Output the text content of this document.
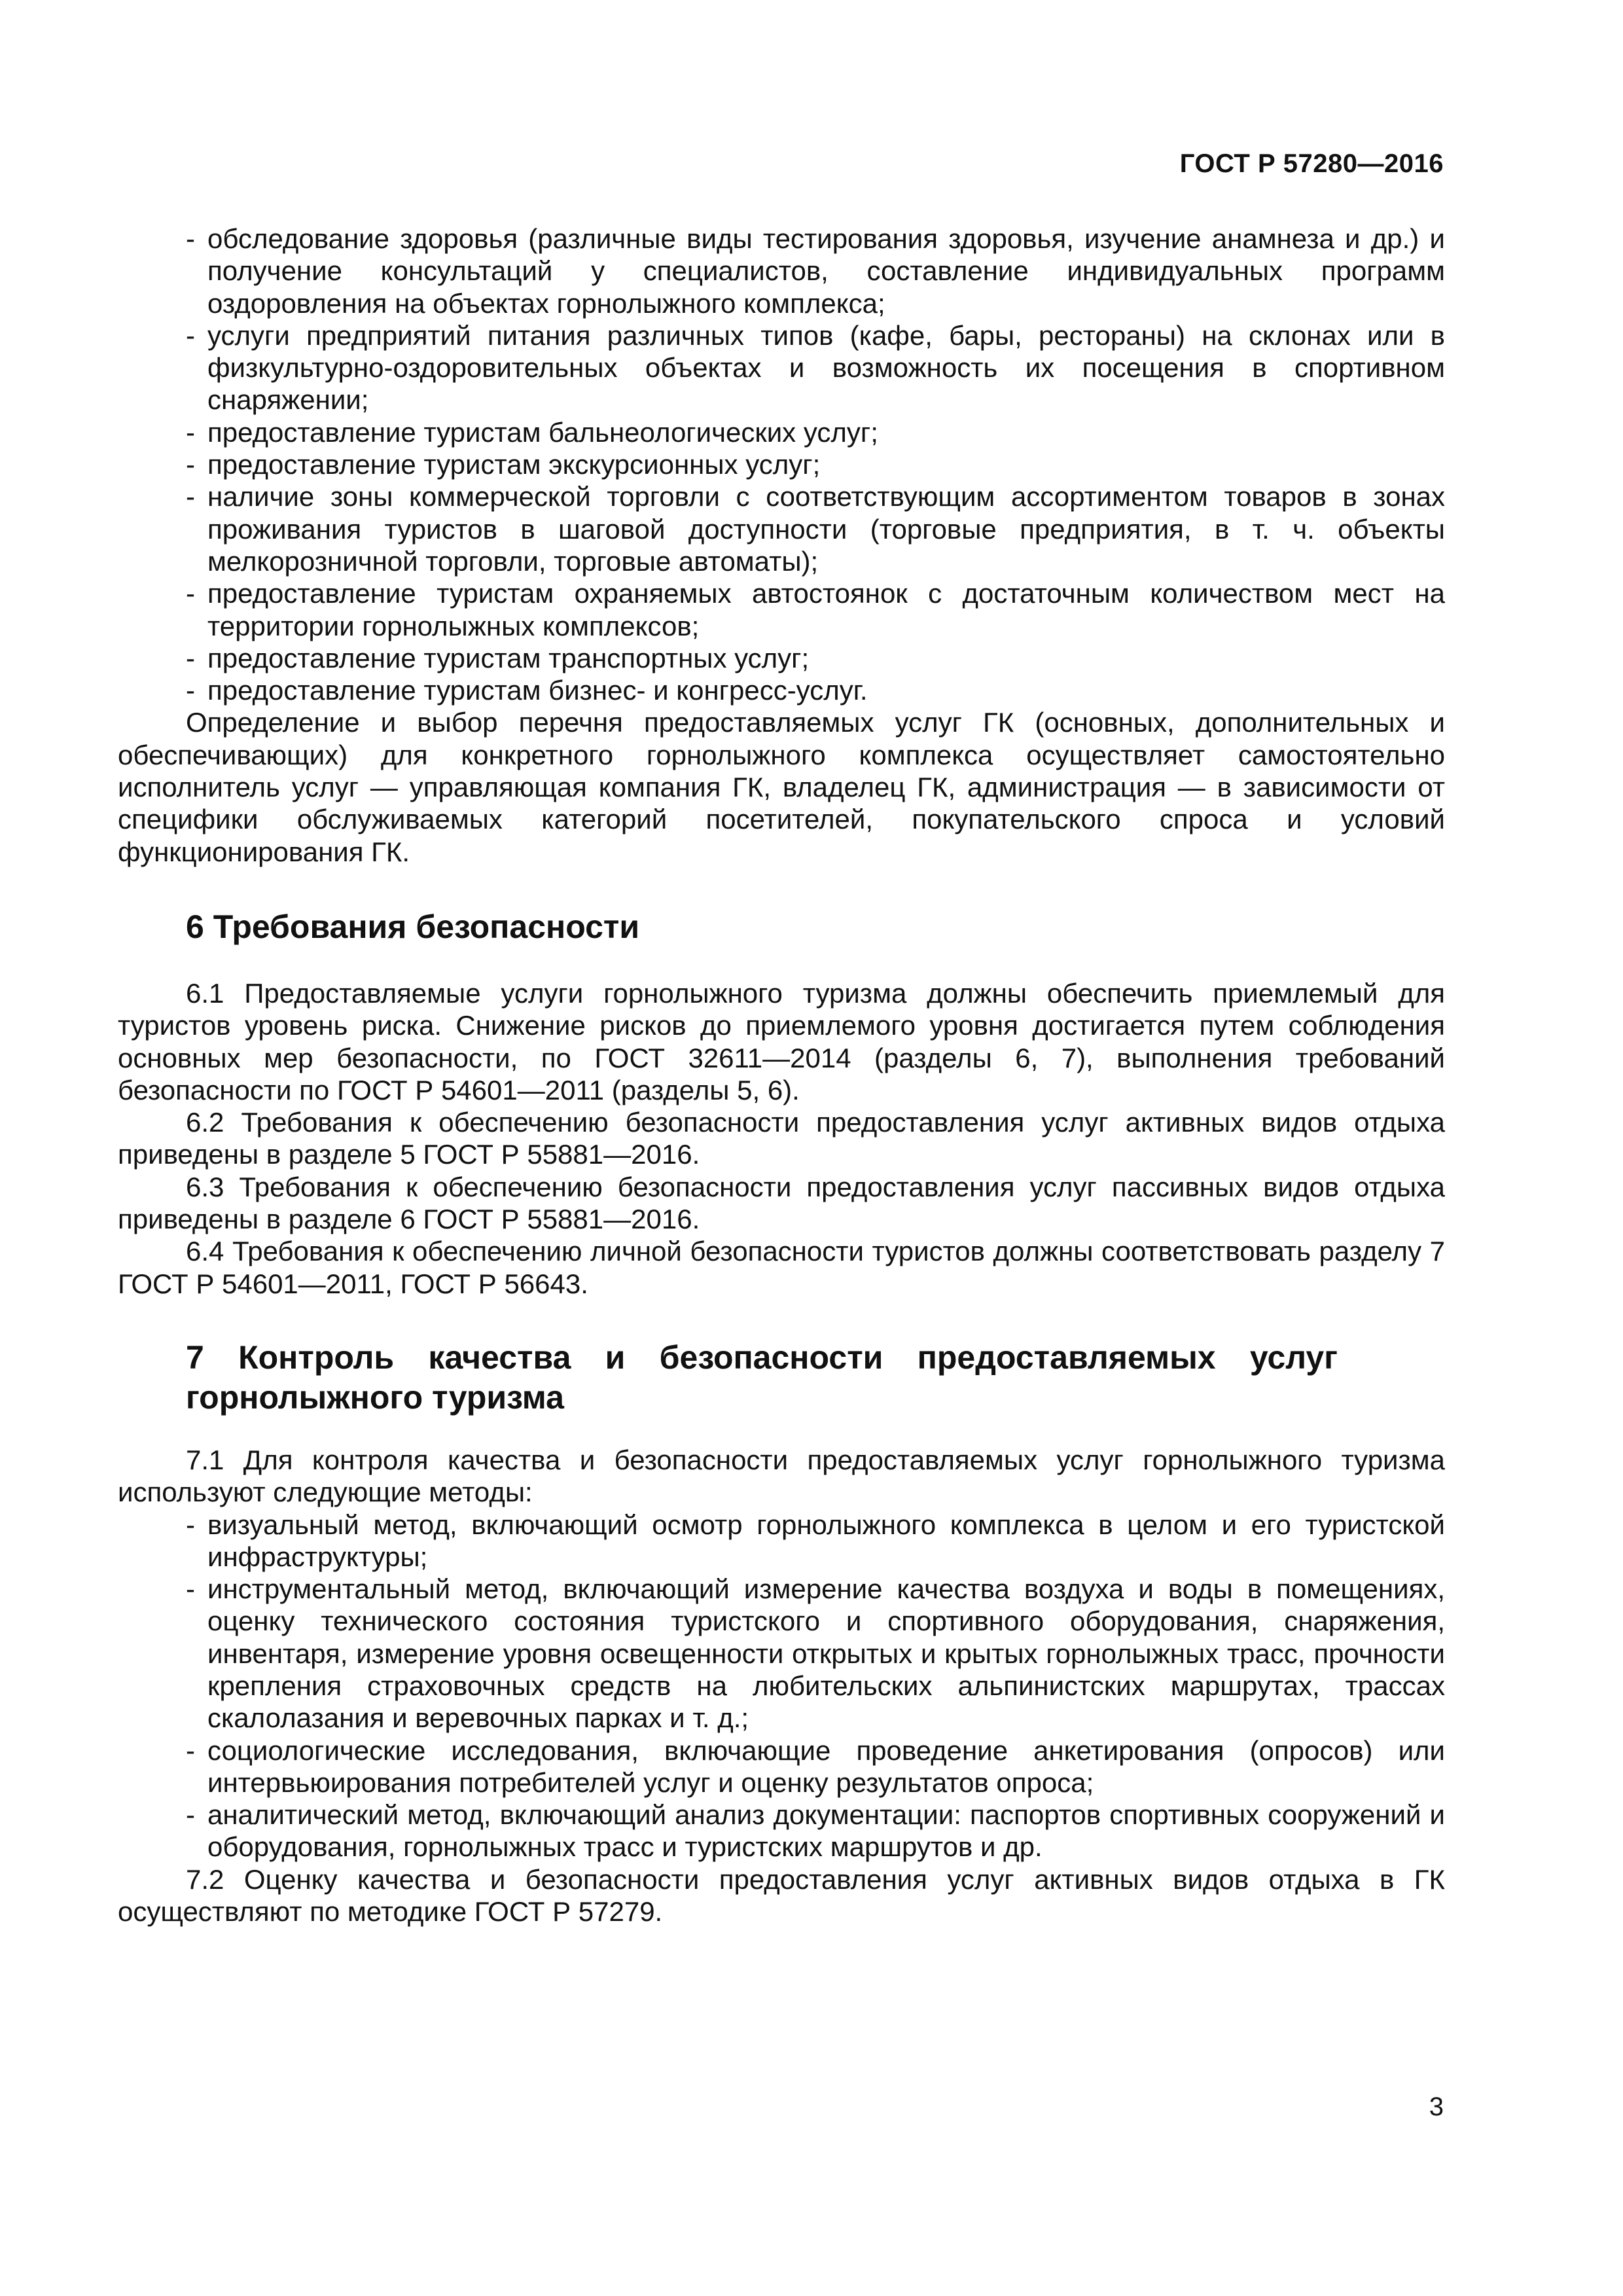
ГОСТ Р 57280—2016
- обследование здоровья (различные виды тестирования здоровья, изучение анамнеза и др.) и получение консультаций у специалистов, составление индивидуальных программ оздоровления на объектах горнолыжного комплекса;
- услуги предприятий питания различных типов (кафе, бары, рестораны) на склонах или в физкультурно-оздоровительных объектах и возможность их посещения в спортивном снаряжении;
- предоставление туристам бальнеологических услуг;
- предоставление туристам экскурсионных услуг;
- наличие зоны коммерческой торговли с соответствующим ассортиментом товаров в зонах проживания туристов в шаговой доступности (торговые предприятия, в т. ч. объекты мелкорозничной торговли, торговые автоматы);
- предоставление туристам охраняемых автостоянок с достаточным количеством мест на территории горнолыжных комплексов;
- предоставление туристам транспортных услуг;
- предоставление туристам бизнес- и конгресс-услуг.

Определение и выбор перечня предоставляемых услуг ГК (основных, дополнительных и обеспечивающих) для конкретного горнолыжного комплекса осуществляет самостоятельно исполнитель услуг — управляющая компания ГК, владелец ГК, администрация — в зависимости от специфики обслуживаемых категорий посетителей, покупательского спроса и условий функционирования ГК.

6 Требования безопасности

6.1 Предоставляемые услуги горнолыжного туризма должны обеспечить приемлемый для туристов уровень риска. Снижение рисков до приемлемого уровня достигается путем соблюдения основных мер безопасности, по ГОСТ 32611—2014 (разделы 6, 7), выполнения требований безопасности по ГОСТ Р 54601—2011 (разделы 5, 6).

6.2 Требования к обеспечению безопасности предоставления услуг активных видов отдыха приведены в разделе 5 ГОСТ Р 55881—2016.

6.3 Требования к обеспечению безопасности предоставления услуг пассивных видов отдыха приведены в разделе 6 ГОСТ Р 55881—2016.

6.4 Требования к обеспечению личной безопасности туристов должны соответствовать разделу 7 ГОСТ Р 54601—2011, ГОСТ Р 56643.

7 Контроль качества и безопасности предоставляемых услуг горнолыжного туризма

7.1 Для контроля качества и безопасности предоставляемых услуг горнолыжного туризма используют следующие методы:

- визуальный метод, включающий осмотр горнолыжного комплекса в целом и его туристской инфраструктуры;
- инструментальный метод, включающий измерение качества воздуха и воды в помещениях, оценку технического состояния туристского и спортивного оборудования, снаряжения, инвентаря, измерение уровня освещенности открытых и крытых горнолыжных трасс, прочности крепления страховочных средств на любительских альпинистских маршрутах, трассах скалолазания и веревочных парках и т. д.;
- социологические исследования, включающие проведение анкетирования (опросов) или интервьюирования потребителей услуг и оценку результатов опроса;
- аналитический метод, включающий анализ документации: паспортов спортивных сооружений и оборудования, горнолыжных трасс и туристских маршрутов и др.

7.2 Оценку качества и безопасности предоставления услуг активных видов отдыха в ГК осуществляют по методике ГОСТ Р 57279.

3
